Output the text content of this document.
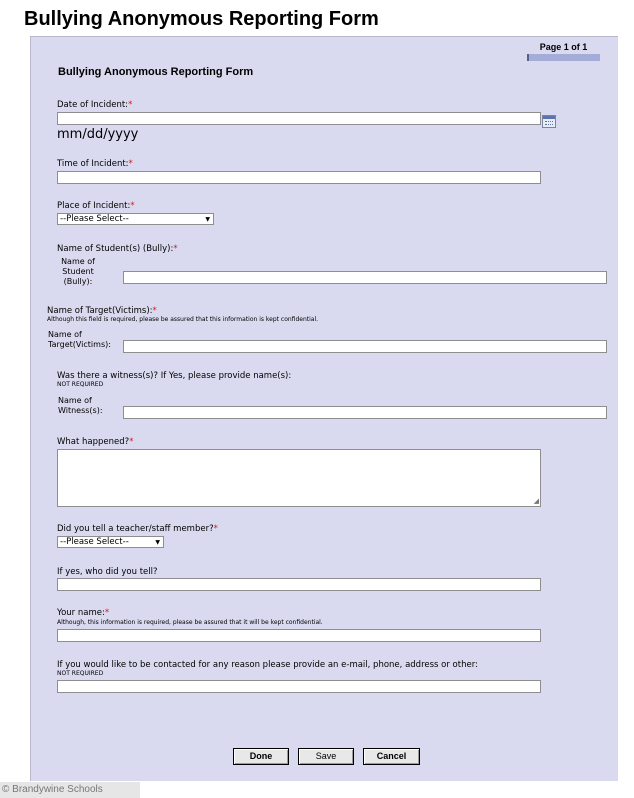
Bullying Anonymous Reporting Form
Page 1 of 1
Bullying Anonymous Reporting Form
Date of Incident:*
mm/dd/yyyy
Time of Incident:*
Place of Incident:*
--Please Select--	▼
Name of Student(s) (Bully):*
Name of
Student
(Bully):
Name of Target(Victims):*
Although this field is required, please be assured that this information is kept confidential.
Name of
Target(Victims):
Was there a witness(s)? If Yes, please provide name(s):
NOT REQUIRED
Name of
Witness(s):
What happened?*
◢
Did you tell a teacher/staff member?*
--Please Select--	▼
If yes, who did you tell?
Your name:*
Although, this information is required, please be assured that it will be kept confidential.
If you would like to be contacted for any reason please provide an e-mail, phone, address or other:
NOT REQUIRED
Done	Save	Cancel
© Brandywine Schools
